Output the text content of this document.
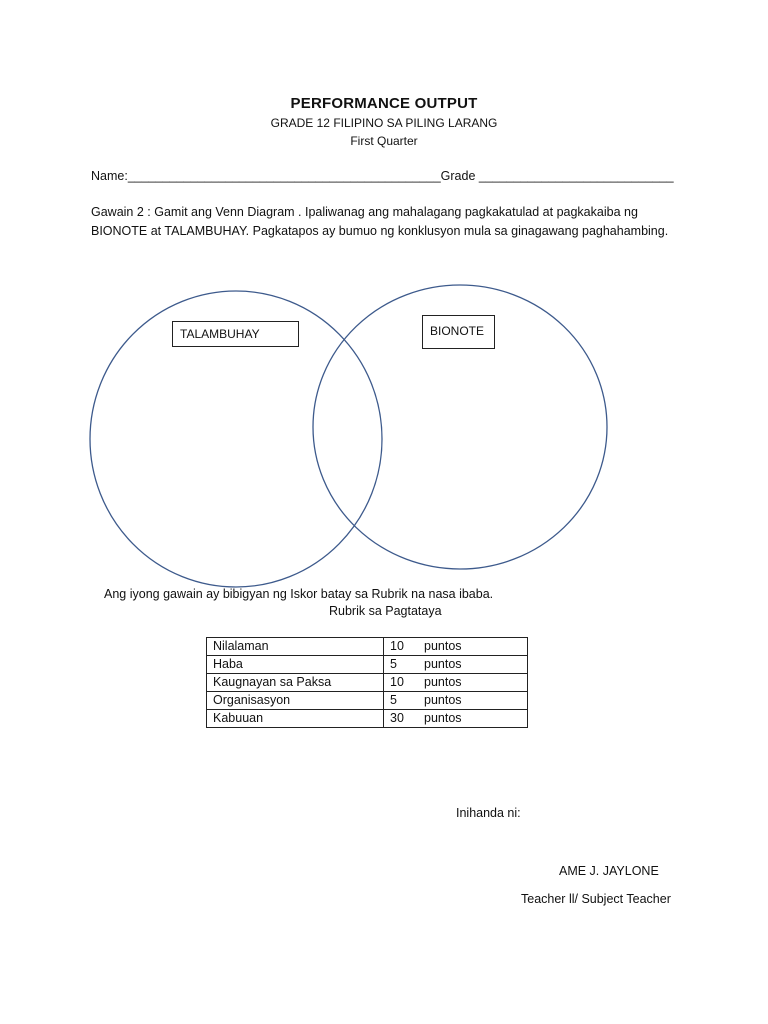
PERFORMANCE OUTPUT
GRADE 12 FILIPINO SA PILING LARANG
First Quarter
Name:_____________________________________________Grade ____________________________
Gawain 2 : Gamit ang Venn Diagram . Ipaliwanag ang mahalagang pagkakatulad at pagkakaiba ng
BIONOTE at TALAMBUHAY. Pagkatapos ay bumuo ng konklusyon mula sa ginagawang paghahambing.
TALAMBUHAY	BIONOTE
Ang iyong gawain ay bibigyan ng Iskor batay sa Rubrik na nasa ibaba.
Rubrik sa Pagtataya
Nilalaman	10 puntos
Haba	5 puntos
Kaugnayan sa Paksa	10 puntos
Organisasyon	5 puntos
Kabuuan	30 puntos
Inihanda ni:
AME J. JAYLONE
Teacher ll/ Subject Teacher
